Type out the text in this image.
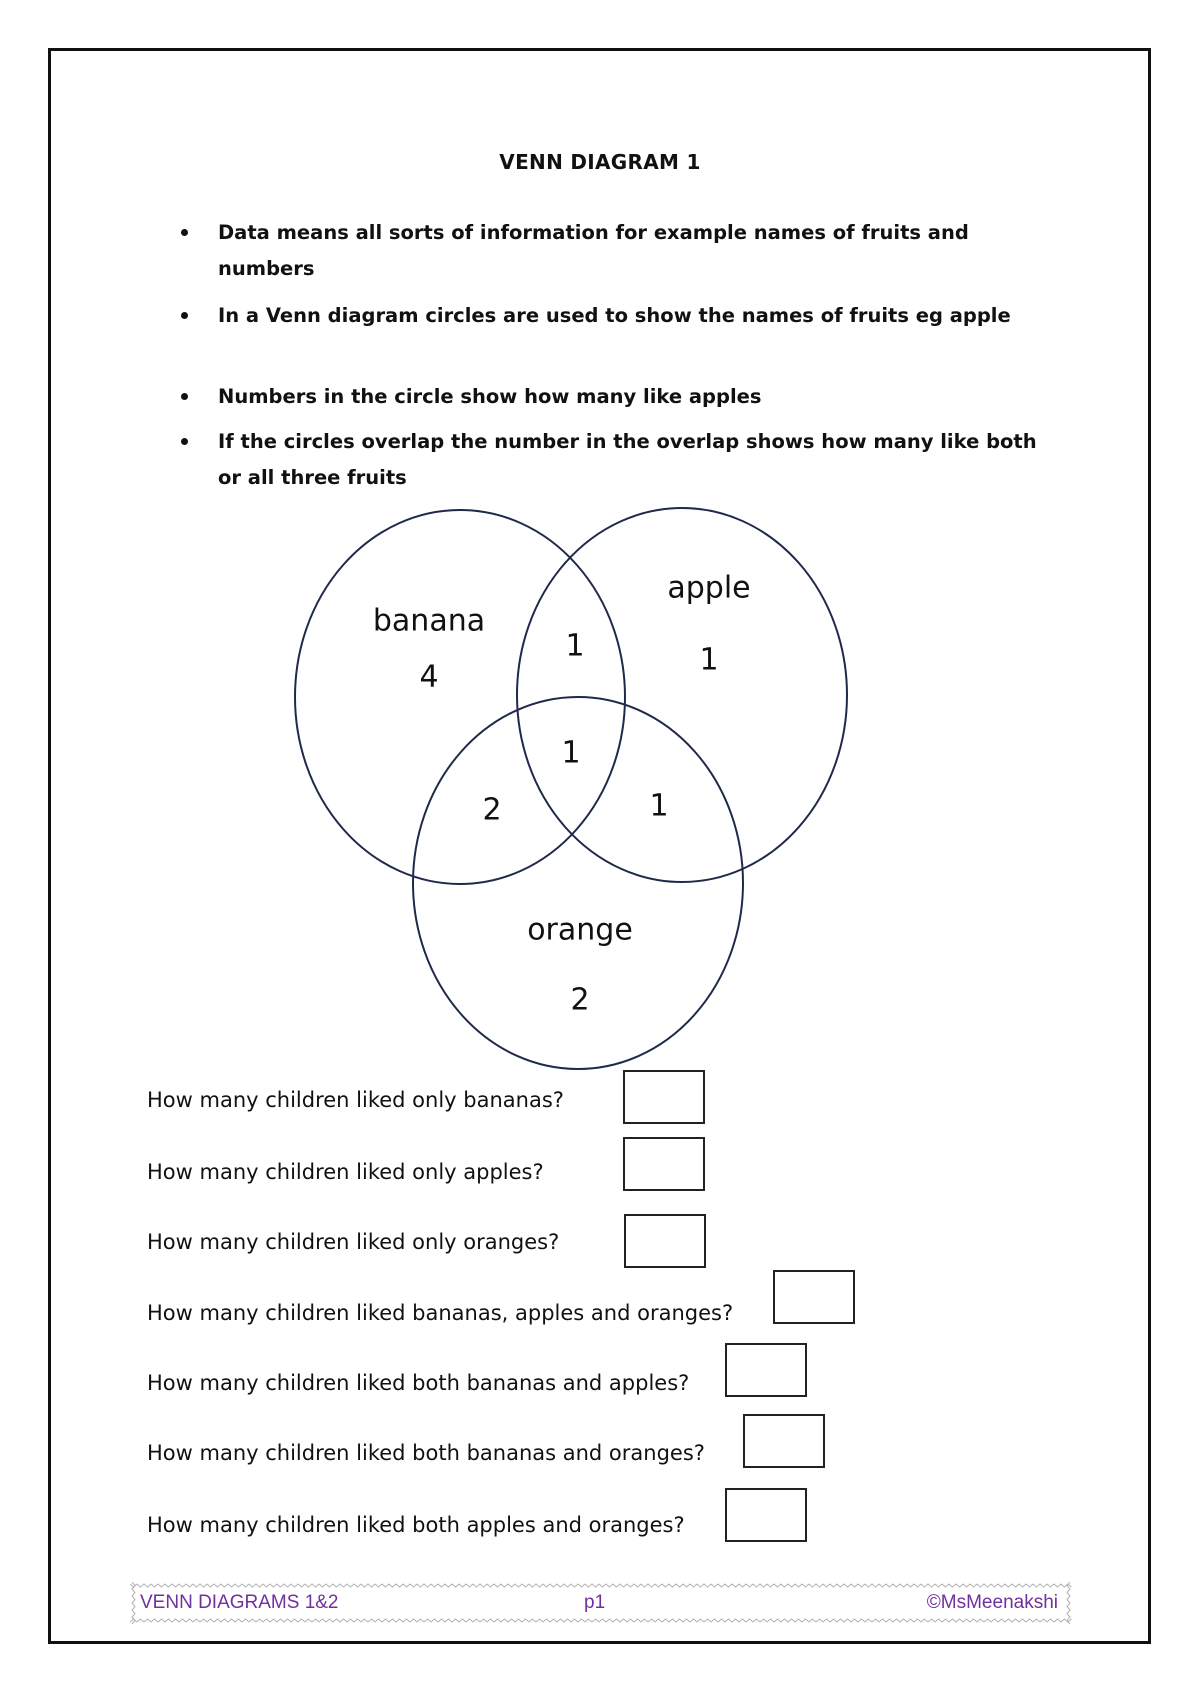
VENN DIAGRAM 1
Data means all sorts of information for example names of fruits and numbers
In a Venn diagram circles are used to show the names of fruits eg apple
Numbers in the circle show how many like apples
If the circles overlap the number in the overlap shows how many like both or all three fruits
banana
apple
orange
4	1
2
1
2	1
1
How many children liked only bananas?
How many children liked only apples?
How many children liked only oranges?
How many children liked bananas, apples and oranges?
How many children liked both bananas and apples?
How many children liked both bananas and oranges?
How many children liked both apples and oranges?
VENN DIAGRAMS 1&2	p1	©MsMeenakshi
